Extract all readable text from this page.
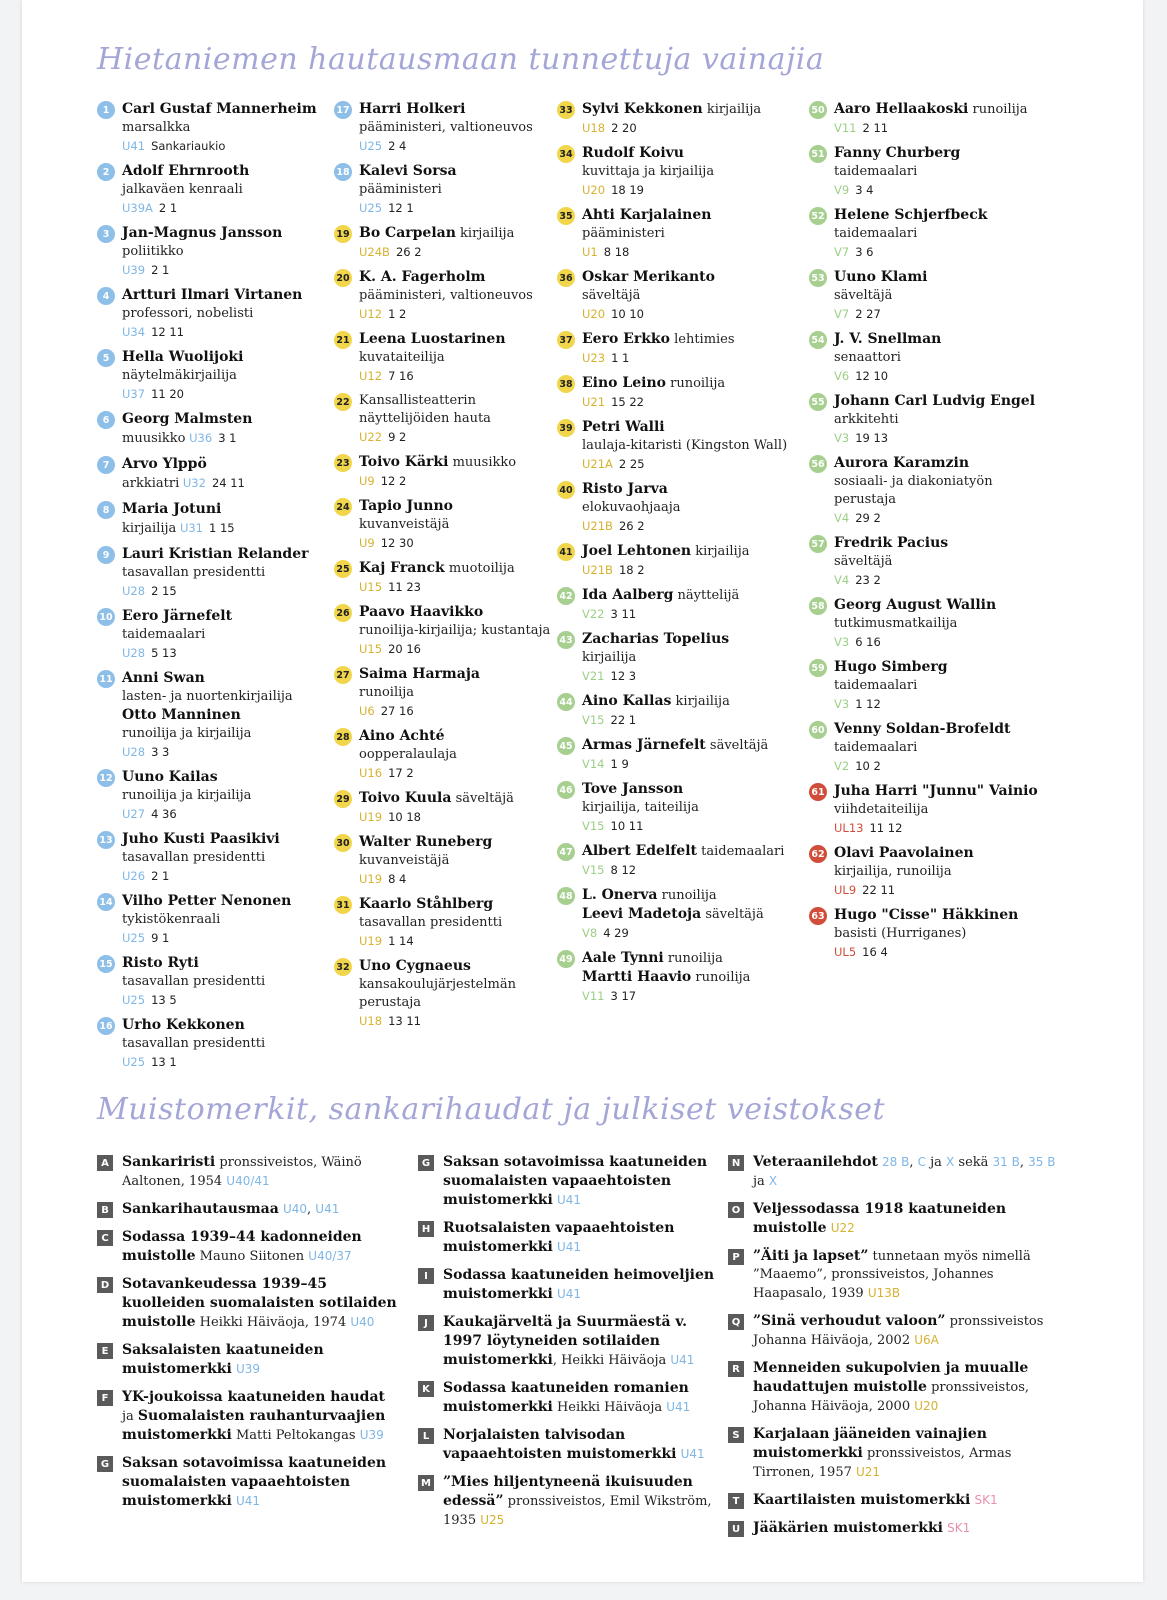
Hietaniemen hautausmaan tunnettuja vainajia
1 Carl Gustaf Mannerheim
marsalkka
U41 Sankariaukio
2 Adolf Ehrnrooth
jalkaväen kenraali
U39A 2 1
3 Jan-Magnus Jansson
poliitikko
U39 2 1
4 Artturi Ilmari Virtanen
professori, nobelisti
U34 12 11
5 Hella Wuolijoki
näytelmäkirjailija
U37 11 20
6 Georg Malmsten
muusikko U36 3 1
7 Arvo Ylppö
arkkiatri U32 24 11
8 Maria Jotuni
kirjailija U31 1 15
9 Lauri Kristian Relander
tasavallan presidentti
U28 2 15
10 Eero Järnefelt
taidemaalari
U28 5 13
11 Anni Swan
lasten- ja nuortenkirjailija
Otto Manninen
runoilija ja kirjailija
U28 3 3
12 Uuno Kailas
runoilija ja kirjailija
U27 4 36
13 Juho Kusti Paasikivi
tasavallan presidentti
U26 2 1
14 Vilho Petter Nenonen
tykistökenraali
U25 9 1
15 Risto Ryti
tasavallan presidentti
U25 13 5
16 Urho Kekkonen
tasavallan presidentti
U25 13 1
17 Harri Holkeri
pääministeri, valtioneuvos
U25 2 4
18 Kalevi Sorsa
pääministeri
U25 12 1
19 Bo Carpelan kirjailija
U24B 26 2
20 K. A. Fagerholm
pääministeri, valtioneuvos
U12 1 2
21 Leena Luostarinen
kuvataiteilija
U12 7 16
22 Kansallisteatterin näyttelijöiden hauta
U22 9 2
23 Toivo Kärki muusikko
U9 12 2
24 Tapio Junno
kuvanveistäjä
U9 12 30
25 Kaj Franck muotoilija
U15 11 23
26 Paavo Haavikko
runoilija-kirjailija; kustantaja
U15 20 16
27 Saima Harmaja
runoilija
U6 27 16
28 Aino Achté
oopperalaulaja
U16 17 2
29 Toivo Kuula säveltäjä
U19 10 18
30 Walter Runeberg
kuvanveistäjä
U19 8 4
31 Kaarlo Ståhlberg
tasavallan presidentti
U19 1 14
32 Uno Cygnaeus
kansakoulujärjestelmän perustaja
U18 13 11
33 Sylvi Kekkonen kirjailija
U18 2 20
34 Rudolf Koivu
kuvittaja ja kirjailija
U20 18 19
35 Ahti Karjalainen
pääministeri
U1 8 18
36 Oskar Merikanto
säveltäjä
U20 10 10
37 Eero Erkko lehtimies
U23 1 1
38 Eino Leino runoilija
U21 15 22
39 Petri Walli
laulaja-kitaristi (Kingston Wall)
U21A 2 25
40 Risto Jarva
elokuvaohjaaja
U21B 26 2
41 Joel Lehtonen kirjailija
U21B 18 2
42 Ida Aalberg näyttelijä
V22 3 11
43 Zacharias Topelius
kirjailija
V21 12 3
44 Aino Kallas kirjailija
V15 22 1
45 Armas Järnefelt säveltäjä
V14 1 9
46 Tove Jansson
kirjailija, taiteilija
V15 10 11
47 Albert Edelfelt taidemaalari
V15 8 12
48 L. Onerva runoilija
Leevi Madetoja säveltäjä
V8 4 29
49 Aale Tynni runoilija
Martti Haavio runoilija
V11 3 17
50 Aaro Hellaakoski runoilija
V11 2 11
51 Fanny Churberg
taidemaalari
V9 3 4
52 Helene Schjerfbeck
taidemaalari
V7 3 6
53 Uuno Klami
säveltäjä
V7 2 27
54 J. V. Snellman
senaattori
V6 12 10
55 Johann Carl Ludvig Engel
arkkitehti
V3 19 13
56 Aurora Karamzin
sosiaali- ja diakoniatyön perustaja
V4 29 2
57 Fredrik Pacius
säveltäjä
V4 23 2
58 Georg August Wallin
tutkimusmatkailija
V3 6 16
59 Hugo Simberg
taidemaalari
V3 1 12
60 Venny Soldan-Brofeldt
taidemaalari
V2 10 2
61 Juha Harri "Junnu" Vainio
viihdetaiteilija
UL13 11 12
62 Olavi Paavolainen
kirjailija, runoilija
UL9 22 11
63 Hugo "Cisse" Häkkinen
basisti (Hurriganes)
UL5 16 4
Muistomerkit, sankarihaudat ja julkiset veistokset
A Sankariristi pronssiveistos, Wäinö Aaltonen, 1954 U40/41
B Sankarihautausmaa U40, U41
C Sodassa 1939–44 kadonneiden muistolle Mauno Siitonen U40/37
D Sotavankeudessa 1939–45 kuolleiden suomalaisten sotilaiden muistolle Heikki Häiväoja, 1974 U40
E Saksalaisten kaatuneiden muistomerkki U39
F YK-joukoissa kaatuneiden haudat ja Suomalaisten rauhanturvaajien muistomerkki Matti Peltokangas U39
G Saksan sotavoimissa kaatuneiden suomalaisten vapaaehtoisten muistomerkki U41
G Saksan sotavoimissa kaatuneiden suomalaisten vapaaehtoisten muistomerkki U41
H Ruotsalaisten vapaaehtoisten muistomerkki U41
I	Sodassa kaatuneiden heimoveljien muistomerkki U41
J	Kaukajärveltä ja Suurmäestä v. 1997 löytyneiden sotilaiden muistomerkki, Heikki Häiväoja U41
K Sodassa kaatuneiden romanien muistomerkki Heikki Häiväoja U41
L Norjalaisten talvisodan vapaaehtoisten muistomerkki U41
M ”Mies hiljentyneenä ikuisuuden edessä” pronssiveistos, Emil Wikström, 1935 U25
N Veteraanilehdot 28 B, C ja X sekä 31 B, 35 B ja X
O Veljessodassa 1918 kaatuneiden muistolle U22
P ”Äiti ja lapset” tunnetaan myös nimellä ”Maaemo”, pronssiveistos, Johannes Haapasalo, 1939 U13B
Q ”Sinä verhoudut valoon” pronssiveistos Johanna Häiväoja, 2002 U6A
R Menneiden sukupolvien ja muualle haudattujen muistolle pronssiveistos, Johanna Häiväoja, 2000 U20
S Karjalaan jääneiden vainajien muistomerkki pronssiveistos, Armas Tirronen, 1957 U21
T Kaartilaisten muistomerkki SK1
U Jääkärien muistomerkki SK1
